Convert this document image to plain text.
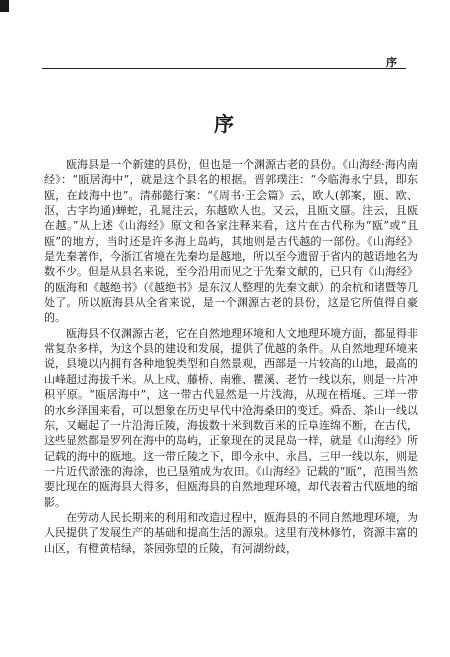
序
序

瓯海县是一个新建的县份，但也是一个渊源古老的县份。《山海经·海内南经》：“瓯居海中”，就是这个县名的根据。晋郭璞注：“今临海永宁县，即东瓯，在歧海中也”。清郝懿行案：“《周书·王会篇》云，欧人(郭案，瓯、欧、沤，古字均通)蝉蛇，孔晁注云，东越欧人也。又云，且瓯文蜃。注云，且瓯在越。”从上述《山海经》原文和各家注释来看，这片在古代称为“瓯”或“且瓯”的地方，当时还是许多海上岛屿，其地则是古代越的一部份。《山海经》是先秦著作，今浙江省境在先秦均是越地，所以至今遗留于省内的越语地名为数不少。但是从县名来说，至今沿用而见之于先秦文献的，已只有《山海经》的瓯海和《越绝书》（《越绝书》是东汉人整理的先秦文献）的余杭和诸暨等几处了。所以瓯海县从全省来说，是一个渊源古老的县份，这是它所值得自豪的。

瓯海县不仅渊源古老，它在自然地理环境和人文地理环境方面，都显得非常复杂多样，为这个县的建设和发展，提供了优越的条件。从自然地理环境来说，县境以内拥有各种地貌类型和自然景观，西部是一片较高的山地，最高的山峰超过海拔千米。从上戍、藤桥、南雅、瞿溪、老竹一线以东，则是一片冲积平原。“瓯居海中”，这一带古代显然是一片浅海，从现在梧埏、三垟一带的水乡泽国来看，可以想象在历史早代中沧海桑田的变迁。舜岙、茶山一线以东，又崛起了一片沿海丘陵，海拔数十米到数百米的丘阜连绵不断，在古代，这些显然都是罗列在海中的岛屿，正象现在的灵昆岛一样，就是《山海经》所记载的海中的瓯地。这一带丘陵之下，即今永中、永昌、三甲一线以东，则是一片近代淤涨的海涂，也已垦殖成为农田。《山海经》记载的“瓯”，范围当然要比现在的瓯海县大得多，但瓯海县的自然地理环境，却代表着古代瓯地的缩影。

在劳动人民长期来的利用和改造过程中，瓯海县的不同自然地理环境，为人民提供了发展生产的基础和提高生活的源泉。这里有茂林修竹，资源丰富的山区，有橙黄桔绿，茶园弥望的丘陵，有河湖纷歧，
